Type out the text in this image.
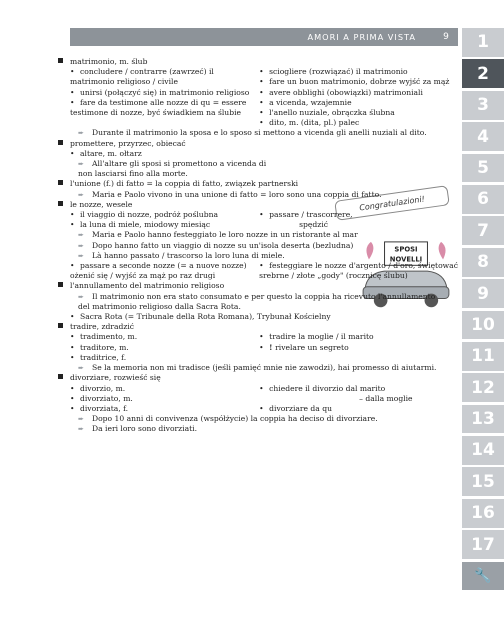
AMORI A PRIMA VISTA	9	1
2
3
4
5
6
7
8
9
10
11
12
13
14
15
16
17
🔧
Congratulazioni!
SPOSI
NOVELLI
matrimonio, m. ślub
• concludere / contrarre (zawrzeć) il matrimonio religioso / civile
• unirsi (połączyć się) in matrimonio religioso
• fare da testimone alle nozze di qu = essere testimone di nozze, być świadkiem na ślubie
• sciogliere (rozwiązać) il matrimonio
• fare un buon matrimonio, dobrze wyjść za mąż
• avere obblighi (obowiązki) matrimoniali
• a vicenda, wzajemnie
• l'anello nuziale, obrączka ślubna
• dito, m. (dita, pl.) palec
➨ Durante il matrimonio la sposa e lo sposo si mettono a vicenda gli anelli nuziali al dito.
promettere, przyrzec, obiecać
• altare, m. ołtarz
➨ All'altare gli sposi si promettono a vicenda di non lasciarsi fino alla morte.
l'unione (f.) di fatto = la coppia di fatto, związek partnerski
➨ Maria e Paolo vivono in una unione di fatto = loro sono una coppia di fatto.
le nozze, wesele
• il viaggio di nozze, podróż poślubna
• la luna di miele, miodowy miesiąc
• passare / trascorrere,
spędzić
➨ Maria e Paolo hanno festeggiato le loro nozze in un ristorante al mar
➨ Dopo hanno fatto un viaggio di nozze su un'isola deserta (bezludna)
➨ Là hanno passato / trascorso la loro luna di miele.
• passare a seconde nozze (= a nuove nozze) ożenić się / wyjść za mąż po raz drugi
• festeggiare le nozze d'argento / d'oro, świętować srebrne / złote „gody" (rocznicę ślubu)
l'annullamento del matrimonio religioso
➨ Il matrimonio non era stato consumato e per questo la coppia ha ricevuto l'annullamento del matrimonio religioso dalla Sacra Rota.
• Sacra Rota (= Tribunale della Rota Romana), Trybunał Kościelny
tradire, zdradzić
• tradimento, m.
• traditore, m.
• traditrice, f.
• tradire la moglie / il marito
• ! rivelare un segreto
➨ Se la memoria non mi tradisce (jeśli pamięć mnie nie zawodzi), hai promesso di aiutarmi.
divorziare, rozwieść się
• divorzio, m.
• divorziato, m.
• divorziata, f.
• chiedere il divorzio dal marito
– dalla moglie
• divorziare da qu
➨ Dopo 10 anni di convivenza (współżycie) la coppia ha deciso di divorziare.
➨ Da ieri loro sono divorziati.
